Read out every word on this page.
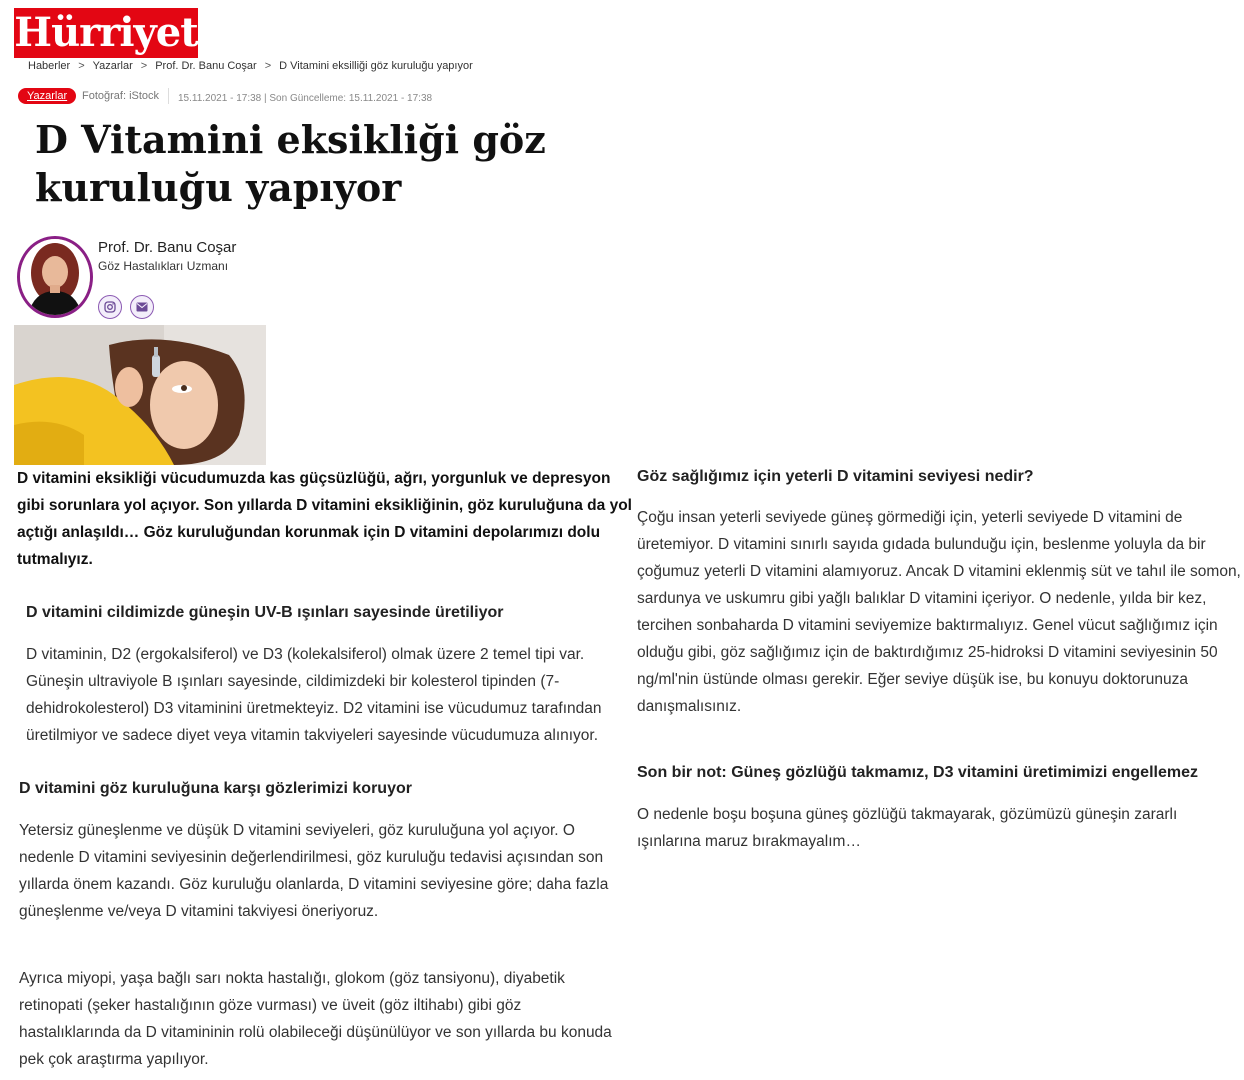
Hürriyet
Haberler > Yazarlar > Prof. Dr. Banu Coşar > D Vitamini eksilliği göz kuruluğu yapıyor
Yazarlar	Fotoğraf: iStock 15.11.2021 - 17:38 | Son Güncelleme: 15.11.2021 - 17:38
D Vitamini eksikliği göz kuruluğu yapıyor
Prof. Dr. Banu Coşar
Göz Hastalıkları Uzmanı

D vitamini eksikliği vücudumuzda kas güçsüzlüğü, ağrı, yorgunluk ve depresyon gibi sorunlara yol açıyor. Son yıllarda D vitamini eksikliğinin, göz kuruluğuna da yol açtığı anlaşıldı… Göz kuruluğundan korunmak için D vitamini depolarımızı dolu tutmalıyız.

D vitamini cildimizde güneşin UV-B ışınları sayesinde üretiliyor

D vitaminin, D2 (ergokalsiferol) ve D3 (kolekalsiferol) olmak üzere 2 temel tipi var. Güneşin ultraviyole B ışınları sayesinde, cildimizdeki bir kolesterol tipinden (7-dehidrokolesterol) D3 vitaminini üretmekteyiz. D2 vitamini ise vücudumuz tarafından üretilmiyor ve sadece diyet veya vitamin takviyeleri sayesinde vücudumuza alınıyor.

D vitamini göz kuruluğuna karşı gözlerimizi koruyor

Yetersiz güneşlenme ve düşük D vitamini seviyeleri, göz kuruluğuna yol açıyor. O nedenle D vitamini seviyesinin değerlendirilmesi, göz kuruluğu tedavisi açısından son yıllarda önem kazandı. Göz kuruluğu olanlarda, D vitamini seviyesine göre; daha fazla güneşlenme ve/veya D vitamini takviyesi öneriyoruz.

Ayrıca miyopi, yaşa bağlı sarı nokta hastalığı, glokom (göz tansiyonu), diyabetik retinopati (şeker hastalığının göze vurması) ve üveit (göz iltihabı) gibi göz hastalıklarında da D vitamininin rolü olabileceği düşünülüyor ve son yıllarda bu konuda pek çok araştırma yapılıyor.

Göz sağlığımız için yeterli D vitamini seviyesi nedir?

Çoğu insan yeterli seviyede güneş görmediği için, yeterli seviyede D vitamini de üretemiyor. D vitamini sınırlı sayıda gıdada bulunduğu için, beslenme yoluyla da bir çoğumuz yeterli D vitamini alamıyoruz. Ancak D vitamini eklenmiş süt ve tahıl ile somon, sardunya ve uskumru gibi yağlı balıklar D vitamini içeriyor. O nedenle, yılda bir kez, tercihen sonbaharda D vitamini seviyemize baktırmalıyız. Genel vücut sağlığımız için olduğu gibi, göz sağlığımız için de baktırdığımız 25-hidroksi D vitamini seviyesinin 50 ng/ml'nin üstünde olması gerekir. Eğer seviye düşük ise, bu konuyu doktorunuza danışmalısınız.

Son bir not: Güneş gözlüğü takmamız, D3 vitamini üretimimizi engellemez

O nedenle boşu boşuna güneş gözlüğü takmayarak, gözümüzü güneşin zararlı ışınlarına maruz bırakmayalım…
